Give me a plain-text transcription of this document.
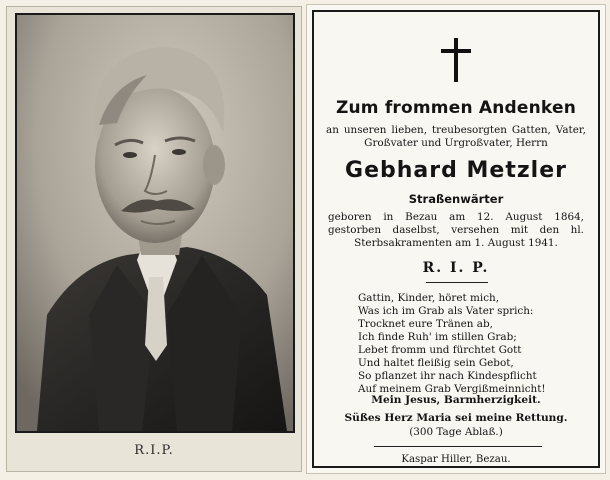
R.I.P.
Zum frommen Andenken
an unseren lieben, treubesorgten Gatten, Vater, Großvater und Urgroßvater, Herrn
Gebhard Metzler
Straßenwärter
geboren in Bezau am 12. August 1864, gestorben daselbst, versehen mit den hl. Sterbsakramenten am 1. August 1941.
R. I. P.
Gattin, Kinder, höret mich,
Was ich im Grab als Vater sprich:
Trocknet eure Tränen ab,
Ich finde Ruh' im stillen Grab;
Lebet fromm und fürchtet Gott
Und haltet fleißig sein Gebot,
So pflanzet ihr nach Kindespflicht
Auf meinem Grab Vergißmeinnicht!
Mein Jesus, Barmherzigkeit.
Süßes Herz Maria sei meine Rettung.
(300 Tage Ablaß.)
Kaspar Hiller, Bezau.
